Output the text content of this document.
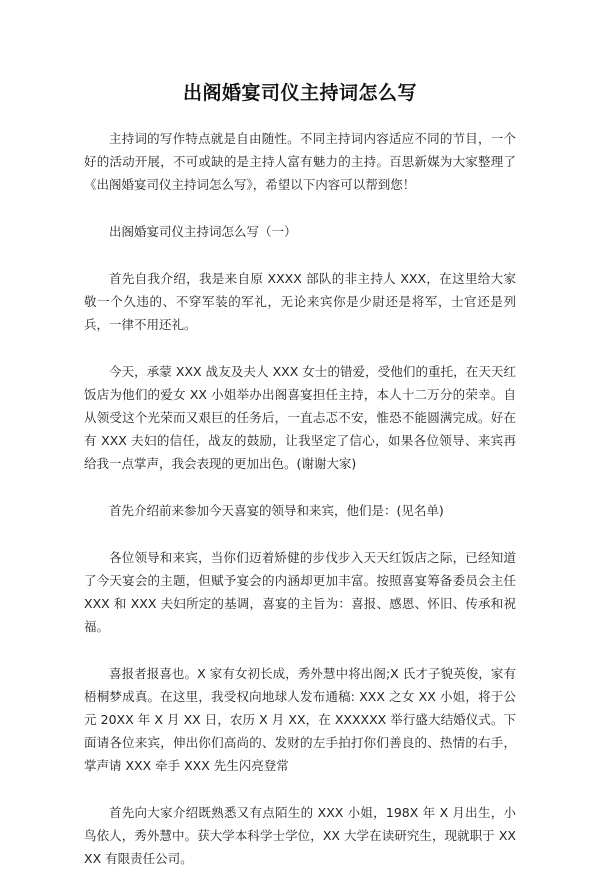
出阁婚宴司仪主持词怎么写

主持词的写作特点就是自由随性。不同主持词内容适应不同的节目，一个好的活动开展，不可或缺的是主持人富有魅力的主持。百思新媒为大家整理了《出阁婚宴司仪主持词怎么写》，希望以下内容可以帮到您！

出阁婚宴司仪主持词怎么写（一）

首先自我介绍，我是来自原 XXXX 部队的非主持人 XXX，在这里给大家敬一个久违的、不穿军装的军礼，无论来宾你是少尉还是将军，士官还是列兵，一律不用还礼。

今天，承蒙 XXX 战友及夫人 XXX 女士的错爱，受他们的重托，在天天红饭店为他们的爱女 XX 小姐举办出阁喜宴担任主持，本人十二万分的荣幸。自从领受这个光荣而又艰巨的任务后，一直忐忑不安，惟恐不能圆满完成。好在有 XXX 夫妇的信任，战友的鼓励，让我坚定了信心，如果各位领导、来宾再给我一点掌声，我会表现的更加出色。(谢谢大家)

首先介绍前来参加今天喜宴的领导和来宾，他们是：(见名单)

各位领导和来宾，当你们迈着矫健的步伐步入天天红饭店之际，已经知道了今天宴会的主题，但赋予宴会的内涵却更加丰富。按照喜宴筹备委员会主任 XXX 和 XXX 夫妇所定的基调，喜宴的主旨为：喜报、感恩、怀旧、传承和祝福。

喜报者报喜也。X 家有女初长成，秀外慧中将出阁;X 氏才子貌英俊，家有梧桐梦成真。在这里，我受权向地球人发布通稿: XXX 之女 XX 小姐，将于公元 20XX 年 X 月 XX 日，农历 X 月 XX，在 XXXXXX 举行盛大结婚仪式。下面请各位来宾，伸出你们高尚的、发财的左手拍打你们善良的、热情的右手，掌声请 XXX 牵手 XXX 先生闪亮登常

首先向大家介绍既熟悉又有点陌生的 XXX 小姐，198X 年 X 月出生，小鸟依人，秀外慧中。获大学本科学士学位，XX 大学在读研究生，现就职于 XXXX 有限责任公司。
